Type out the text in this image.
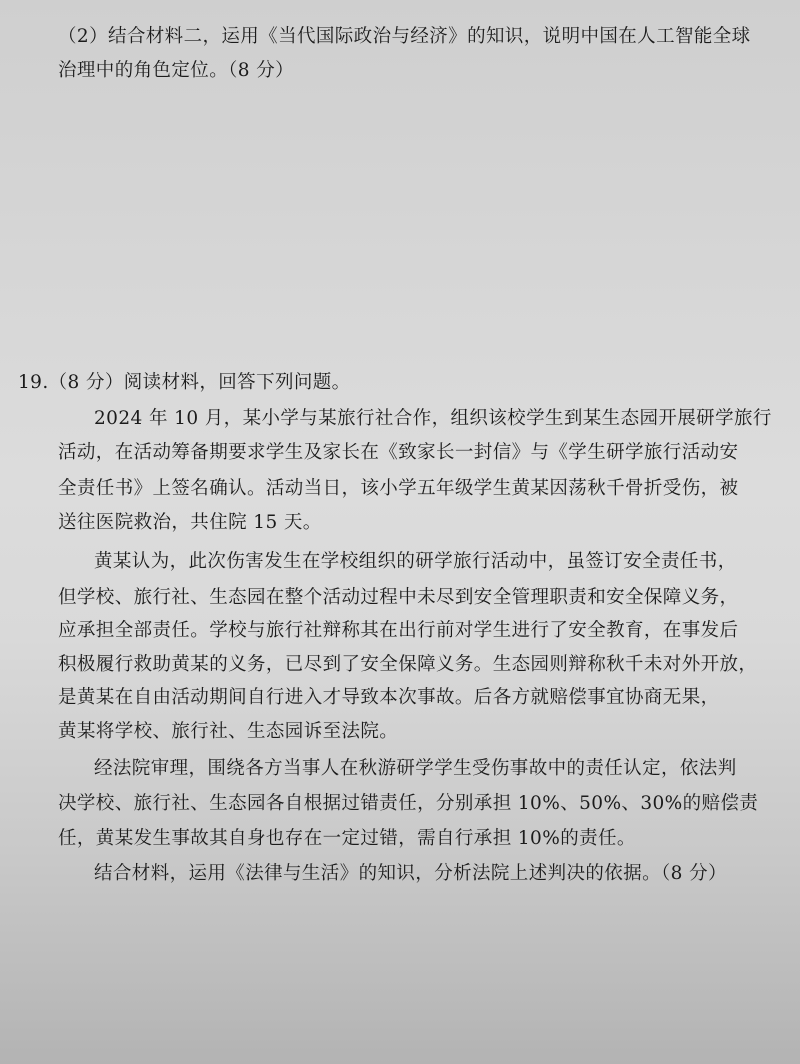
（2）结合材料二，运用《当代国际政治与经济》的知识，说明中国在人工智能全球
治理中的角色定位。（8 分）
19.（8 分）阅读材料，回答下列问题。
2024 年 10 月，某小学与某旅行社合作，组织该校学生到某生态园开展研学旅行
活动，在活动筹备期要求学生及家长在《致家长一封信》与《学生研学旅行活动安
全责任书》上签名确认。活动当日，该小学五年级学生黄某因荡秋千骨折受伤，被
送往医院救治，共住院 15 天。
黄某认为，此次伤害发生在学校组织的研学旅行活动中，虽签订安全责任书，
但学校、旅行社、生态园在整个活动过程中未尽到安全管理职责和安全保障义务，
应承担全部责任。学校与旅行社辩称其在出行前对学生进行了安全教育，在事发后
积极履行救助黄某的义务，已尽到了安全保障义务。生态园则辩称秋千未对外开放，
是黄某在自由活动期间自行进入才导致本次事故。后各方就赔偿事宜协商无果，
黄某将学校、旅行社、生态园诉至法院。
经法院审理，围绕各方当事人在秋游研学学生受伤事故中的责任认定，依法判
决学校、旅行社、生态园各自根据过错责任，分别承担 10%、50%、30%的赔偿责
任，黄某发生事故其自身也存在一定过错，需自行承担 10%的责任。
结合材料，运用《法律与生活》的知识，分析法院上述判决的依据。（8 分）
